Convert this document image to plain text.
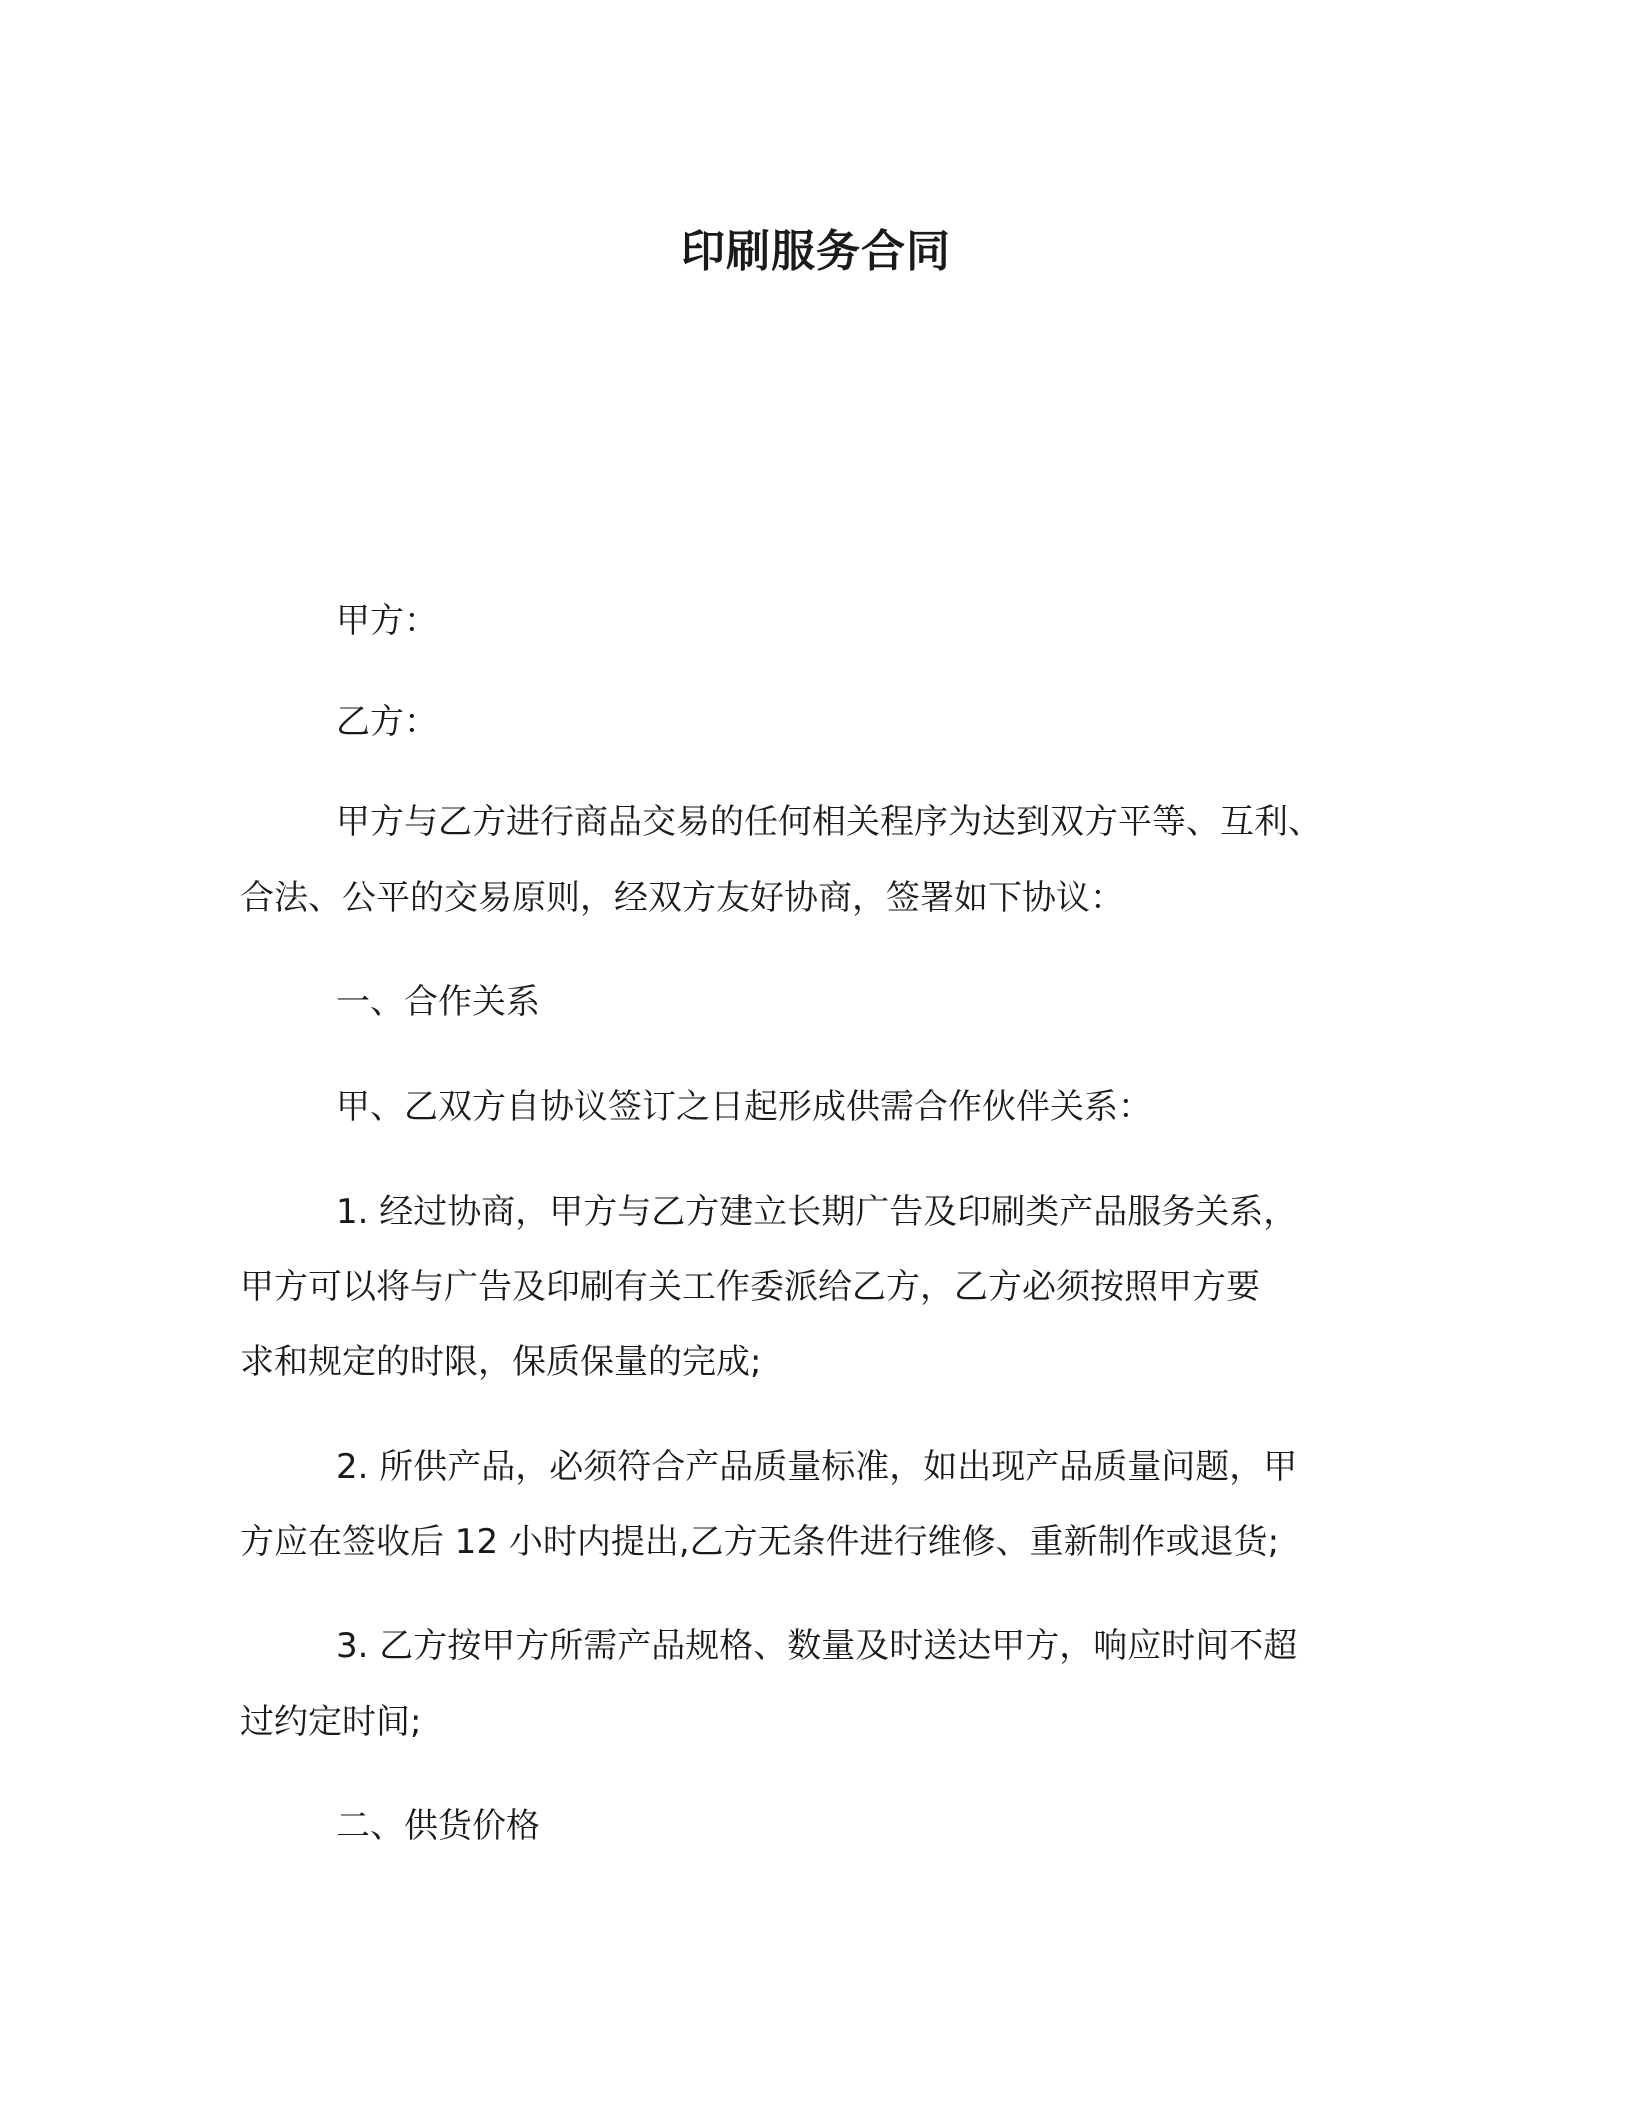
印刷服务合同
甲方：
乙方：
甲方与乙方进行商品交易的任何相关程序为达到双方平等、互利、
合法、公平的交易原则，经双方友好协商，签署如下协议：
一、合作关系
甲、乙双方自协议签订之日起形成供需合作伙伴关系：
1. 经过协商，甲方与乙方建立长期广告及印刷类产品服务关系，
甲方可以将与广告及印刷有关工作委派给乙方，乙方必须按照甲方要
求和规定的时限，保质保量的完成;
2. 所供产品，必须符合产品质量标准，如出现产品质量问题，甲
方应在签收后 12 小时内提出,乙方无条件进行维修、重新制作或退货;
3. 乙方按甲方所需产品规格、数量及时送达甲方，响应时间不超
过约定时间;
二、供货价格
